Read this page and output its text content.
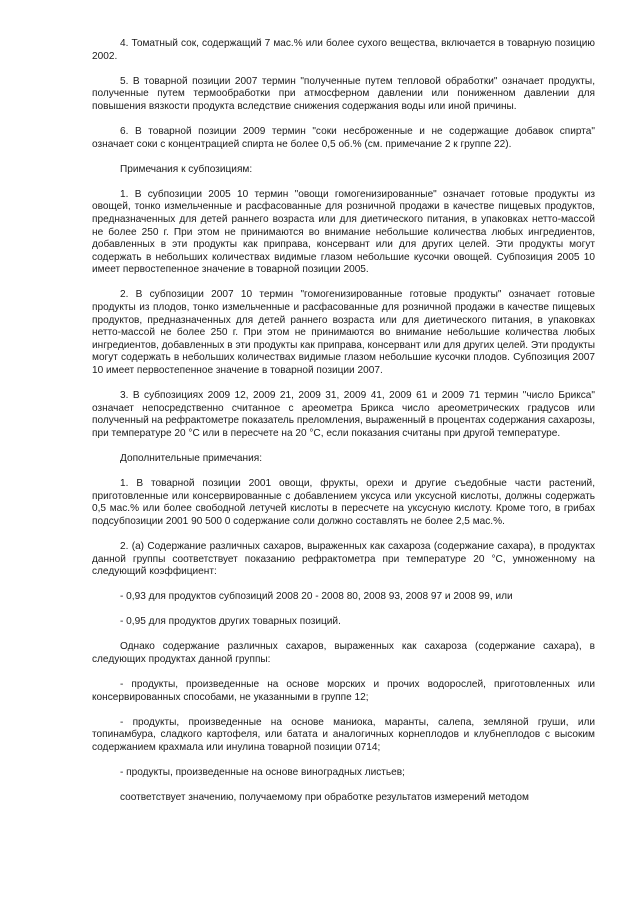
4. Томатный сок, содержащий 7 мас.% или более сухого вещества, включается в товарную позицию 2002.

5. В товарной позиции 2007 термин "полученные путем тепловой обработки" означает продукты, полученные путем термообработки при атмосферном давлении или пониженном давлении для повышения вязкости продукта вследствие снижения содержания воды или иной причины.

6. В товарной позиции 2009 термин "соки несброженные и не содержащие добавок спирта" означает соки с концентрацией спирта не более 0,5 об.% (см. примечание 2 к группе 22).

Примечания к субпозициям:

1. В субпозиции 2005 10 термин "овощи гомогенизированные" означает готовые продукты из овощей, тонко измельченные и расфасованные для розничной продажи в качестве пищевых продуктов, предназначенных для детей раннего возраста или для диетического питания, в упаковках нетто-массой не более 250 г. При этом не принимаются во внимание небольшие количества любых ингредиентов, добавленных в эти продукты как приправа, консервант или для других целей. Эти продукты могут содержать в небольших количествах видимые глазом небольшие кусочки овощей. Субпозиция 2005 10 имеет первостепенное значение в товарной позиции 2005.

2. В субпозиции 2007 10 термин "гомогенизированные готовые продукты" означает готовые продукты из плодов, тонко измельченные и расфасованные для розничной продажи в качестве пищевых продуктов, предназначенных для детей раннего возраста или для диетического питания, в упаковках нетто-массой не более 250 г. При этом не принимаются во внимание небольшие количества любых ингредиентов, добавленных в эти продукты как приправа, консервант или для других целей. Эти продукты могут содержать в небольших количествах видимые глазом небольшие кусочки плодов. Субпозиция 2007 10 имеет первостепенное значение в товарной позиции 2007.

3. В субпозициях 2009 12, 2009 21, 2009 31, 2009 41, 2009 61 и 2009 71 термин "число Брикса" означает непосредственно считанное с ареометра Брикса число ареометрических градусов или полученный на рефрактометре показатель преломления, выраженный в процентах содержания сахарозы, при температуре 20 °C или в пересчете на 20 °C, если показания считаны при другой температуре.

Дополнительные примечания:

1. В товарной позиции 2001 овощи, фрукты, орехи и другие съедобные части растений, приготовленные или консервированные с добавлением уксуса или уксусной кислоты, должны содержать 0,5 мас.% или более свободной летучей кислоты в пересчете на уксусную кислоту. Кроме того, в грибах подсубпозиции 2001 90 500 0 содержание соли должно составлять не более 2,5 мас.%.

2. (а) Содержание различных сахаров, выраженных как сахароза (содержание сахара), в продуктах данной группы соответствует показанию рефрактометра при температуре 20 °C, умноженному на следующий коэффициент:

- 0,93 для продуктов субпозиций 2008 20 - 2008 80, 2008 93, 2008 97 и 2008 99, или

- 0,95 для продуктов других товарных позиций.

Однако содержание различных сахаров, выраженных как сахароза (содержание сахара), в следующих продуктах данной группы:

- продукты, произведенные на основе морских и прочих водорослей, приготовленных или консервированных способами, не указанными в группе 12;

- продукты, произведенные на основе маниока, маранты, салепа, земляной груши, или топинамбура, сладкого картофеля, или батата и аналогичных корнеплодов и клубнеплодов с высоким содержанием крахмала или инулина товарной позиции 0714;

- продукты, произведенные на основе виноградных листьев;

соответствует значению, получаемому при обработке результатов измерений методом
